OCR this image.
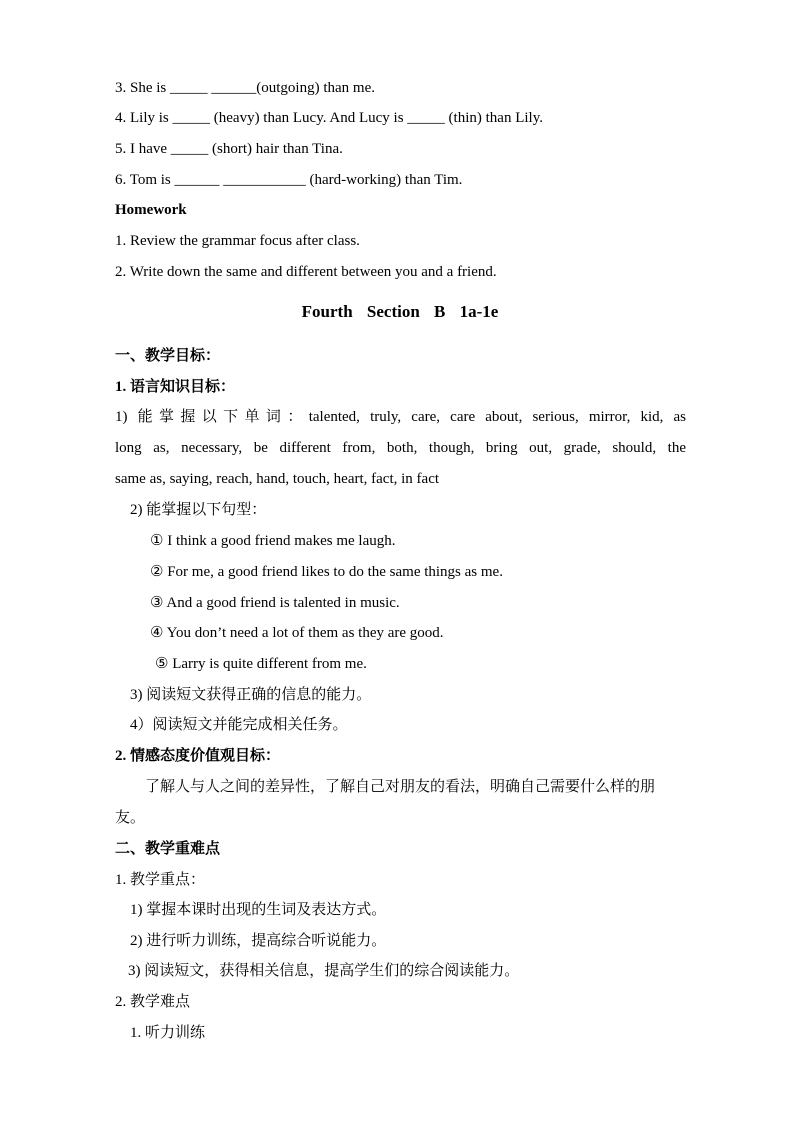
3. She is _____ ______(outgoing) than me.
4. Lily is _____ (heavy) than Lucy. And Lucy is _____ (thin) than Lily.
5. I have _____ (short) hair than Tina.
6. Tom is ______ ___________ (hard-working) than Tim.
Homework
1. Review the grammar focus after class.
2. Write down the same and different between you and a friend.
Fourth Section B 1a-1e
一、教学目标：
1. 语言知识目标：
1) 能掌握以下单词：talented, truly, care, care about, serious, mirror, kid, as
long as, necessary, be different from, both, though, bring out, grade, should, the
same as, saying, reach, hand, touch, heart, fact, in fact
2) 能掌握以下句型：
① I think a good friend makes me laugh.
② For me, a good friend likes to do the same things as me.
③ And a good friend is talented in music.
④ You don’t need a lot of them as they are good.
⑤ Larry is quite different from me.
3) 阅读短文获得正确的信息的能力。
4）阅读短文并能完成相关任务。
2. 情感态度价值观目标：
了解人与人之间的差异性，了解自己对朋友的看法，明确自己需要什么样的朋
友。
二、教学重难点
1. 教学重点：
1) 掌握本课时出现的生词及表达方式。
2) 进行听力训练，提高综合听说能力。
3) 阅读短文，获得相关信息，提高学生们的综合阅读能力。
2. 教学难点
1. 听力训练
